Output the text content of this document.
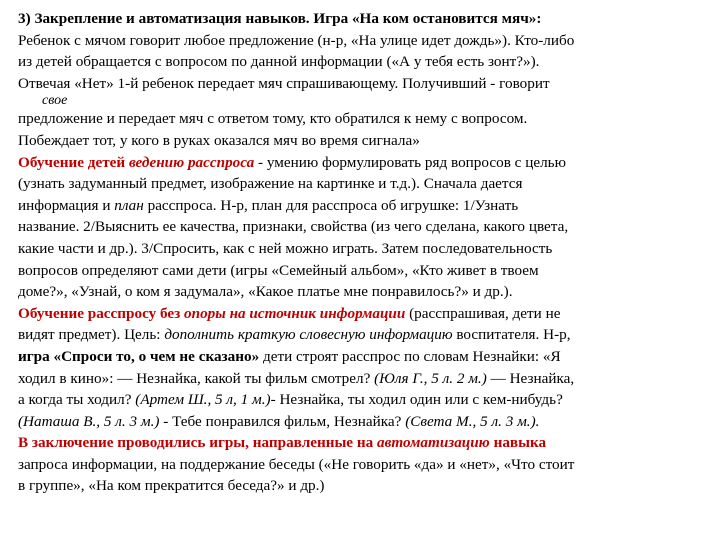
3) Закрепление и автоматизация навыков. Игра «На ком остановится мяч»:
Ребенок с мячом говорит любое предложение (н-р, «На улице идет дождь»). Кто-либо
из детей обращается с вопросом по данной информации («А у тебя есть зонт?»).
Отвечая «Нет» 1-й ребенок передает мяч спрашивающему. Получивший - говорит
свое
предложение и передает мяч с ответом тому, кто обратился к нему с вопросом.
Побеждает тот, у кого в руках оказался мяч во время сигнала»
Обучение детей ведению расспроса - умению формулировать ряд вопросов с целью
(узнать задуманный предмет, изображение на картинке и т.д.). Сначала дается
информация и план расспроса. Н-р, план для расспроса об игрушке: 1/Узнать
название. 2/Выяснить ее качества, признаки, свойства (из чего сделана, какого цвета,
какие части и др.). 3/Спросить, как с ней можно играть. Затем последовательность
вопросов определяют сами дети (игры «Семейный альбом», «Кто живет в твоем
доме?», «Узнай, о ком я задумала», «Какое платье мне понравилось?» и др.).
Обучение расспросу без опоры на источник информации (расспрашивая, дети не
видят предмет). Цель: дополнить краткую словесную информацию воспитателя. Н-р,
игра «Спроси то, о чем не сказано» дети строят расспрос по словам Незнайки: «Я
ходил в кино»: — Незнайка, какой ты фильм смотрел? (Юля Г., 5 л. 2 м.) — Незнайка,
а когда ты ходил? (Артем Ш., 5 л, 1 м.)- Незнайка, ты ходил один или с кем-нибудь?
(Наташа В., 5 л. 3 м.) - Тебе понравился фильм, Незнайка? (Света М., 5 л. 3 м.).
В заключение проводились игры, направленные на автоматизацию навыка
запроса информации, на поддержание беседы («Не говорить «да» и «нет», «Что стоит
в группе», «На ком прекратится беседа?» и др.)
